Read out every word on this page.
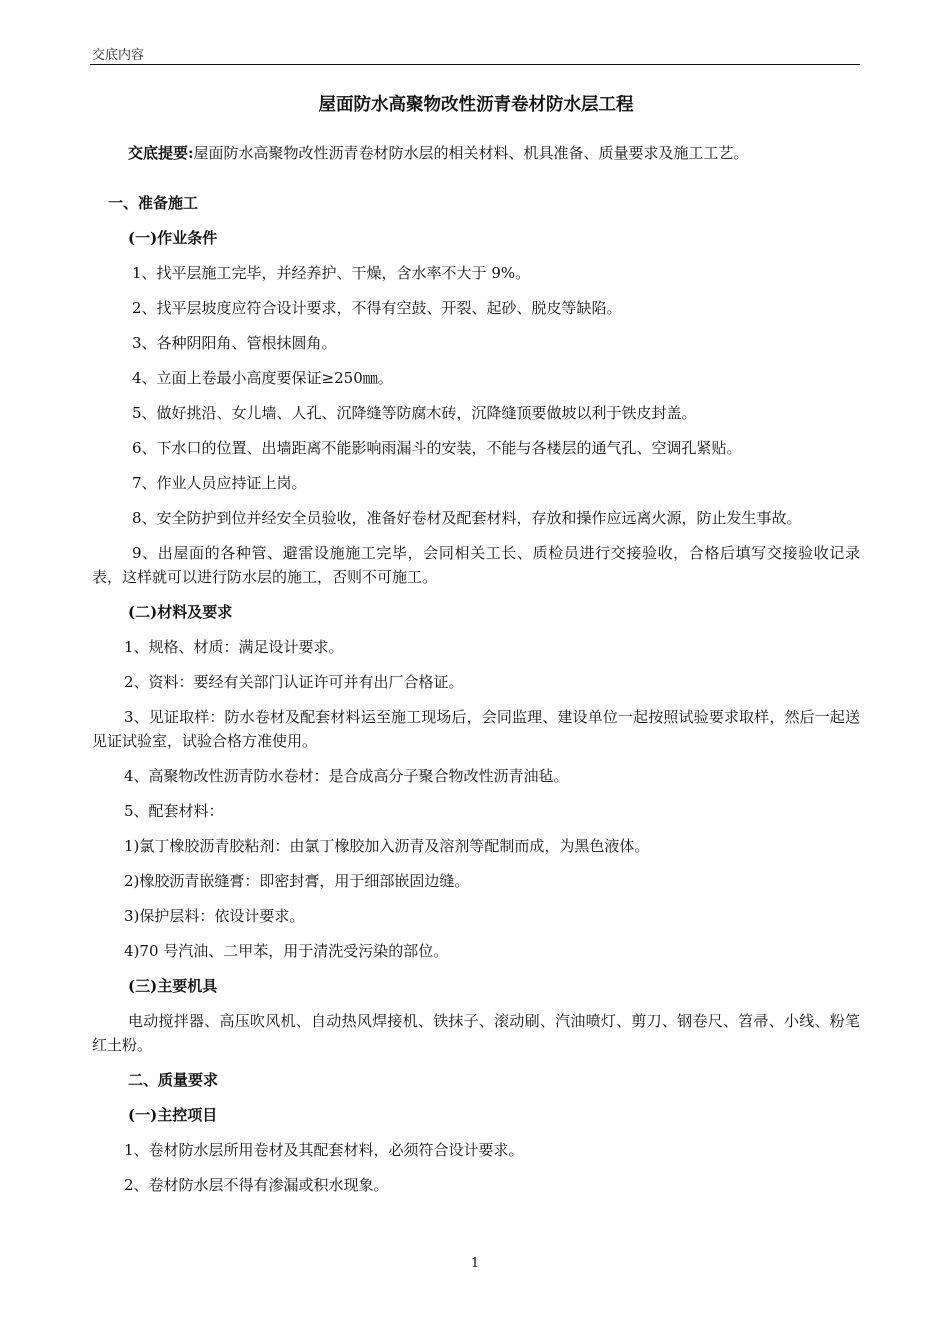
交底内容
屋面防水高聚物改性沥青卷材防水层工程
交底提要:屋面防水高聚物改性沥青卷材防水层的相关材料、机具准备、质量要求及施工工艺。
一、准备施工
(一)作业条件
1、找平层施工完毕，并经养护、干燥，含水率不大于 9%。
2、找平层坡度应符合设计要求，不得有空鼓、开裂、起砂、脱皮等缺陷。
3、各种阴阳角、管根抹圆角。
4、立面上卷最小高度要保证≥250㎜。
5、做好挑沿、女儿墙、人孔、沉降缝等防腐木砖，沉降缝顶要做坡以利于铁皮封盖。
6、下水口的位置、出墙距离不能影响雨漏斗的安装，不能与各楼层的通气孔、空调孔紧贴。
7、作业人员应持证上岗。
8、安全防护到位并经安全员验收，准备好卷材及配套材料，存放和操作应远离火源，防止发生事故。
9、出屋面的各种管、避雷设施施工完毕，会同相关工长、质检员进行交接验收，合格后填写交接验收记录表，这样就可以进行防水层的施工，否则不可施工。
(二)材料及要求
1、规格、材质：满足设计要求。
2、资料：要经有关部门认证许可并有出厂合格证。
3、见证取样：防水卷材及配套材料运至施工现场后，会同监理、建设单位一起按照试验要求取样，然后一起送见证试验室，试验合格方准使用。
4、高聚物改性沥青防水卷材：是合成高分子聚合物改性沥青油毡。
5、配套材料：
1)氯丁橡胶沥青胶粘剂：由氯丁橡胶加入沥青及溶剂等配制而成，为黑色液体。
2)橡胶沥青嵌缝膏：即密封膏，用于细部嵌固边缝。
3)保护层料：依设计要求。
4)70 号汽油、二甲苯，用于清洗受污染的部位。
(三)主要机具
电动搅拌器、高压吹风机、自动热风焊接机、铁抹子、滚动刷、汽油喷灯、剪刀、钢卷尺、笤帚、小线、粉笔红土粉。
二、质量要求
(一)主控项目
1、卷材防水层所用卷材及其配套材料，必须符合设计要求。
2、卷材防水层不得有渗漏或积水现象。
1
